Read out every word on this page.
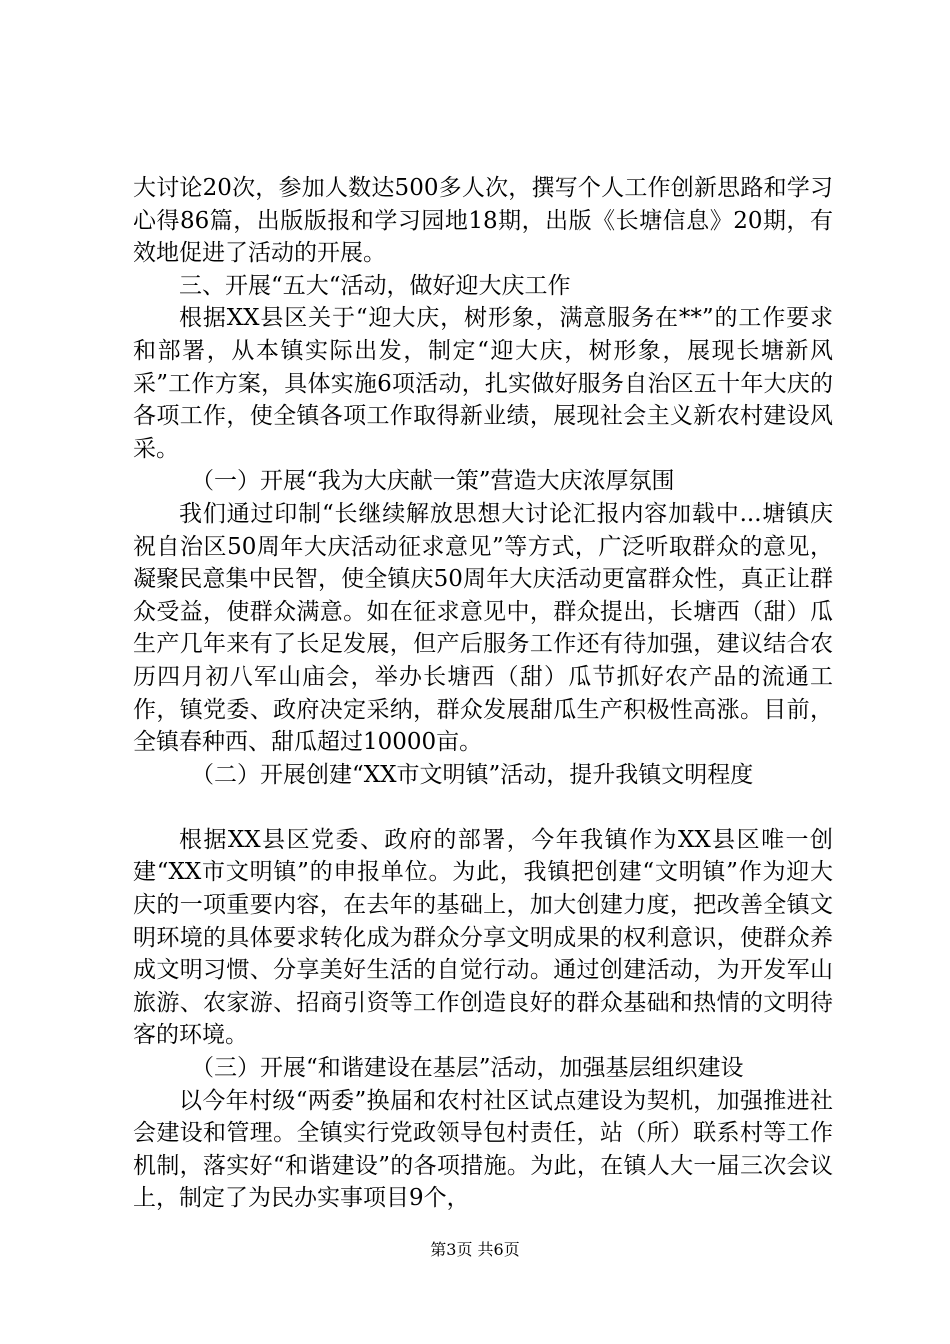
大讨论20次，参加人数达500多人次，撰写个人工作创新思路和学习心得86篇，出版版报和学习园地18期，出版《长塘信息》20期，有效地促进了活动的开展。

三、开展“五大“活动，做好迎大庆工作

根据XX县区关于“迎大庆，树形象，满意服务在**”的工作要求和部署，从本镇实际出发，制定“迎大庆，树形象，展现长塘新风采”工作方案，具体实施6项活动，扎实做好服务自治区五十年大庆的各项工作，使全镇各项工作取得新业绩，展现社会主义新农村建设风采。

（一）开展“我为大庆献一策”营造大庆浓厚氛围

我们通过印制“长继续解放思想大讨论汇报内容加载中...塘镇庆祝自治区50周年大庆活动征求意见”等方式，广泛听取群众的意见，凝聚民意集中民智，使全镇庆50周年大庆活动更富群众性，真正让群众受益，使群众满意。如在征求意见中，群众提出，长塘西（甜）瓜生产几年来有了长足发展，但产后服务工作还有待加强，建议结合农历四月初八军山庙会，举办长塘西（甜）瓜节抓好农产品的流通工作，镇党委、政府决定采纳，群众发展甜瓜生产积极性高涨。目前，全镇春种西、甜瓜超过10000亩。

（二）开展创建“XX市文明镇”活动，提升我镇文明程度

根据XX县区党委、政府的部署，今年我镇作为XX县区唯一创建“XX市文明镇”的申报单位。为此，我镇把创建“文明镇”作为迎大庆的一项重要内容，在去年的基础上，加大创建力度，把改善全镇文明环境的具体要求转化成为群众分享文明成果的权利意识，使群众养成文明习惯、分享美好生活的自觉行动。通过创建活动，为开发军山旅游、农家游、招商引资等工作创造良好的群众基础和热情的文明待客的环境。

（三）开展“和谐建设在基层”活动，加强基层组织建设

以今年村级“两委”换届和农村社区试点建设为契机，加强推进社会建设和管理。全镇实行党政领导包村责任，站（所）联系村等工作机制，落实好“和谐建设”的各项措施。为此，在镇人大一届三次会议上，制定了为民办实事项目9个，

第3页 共6页
